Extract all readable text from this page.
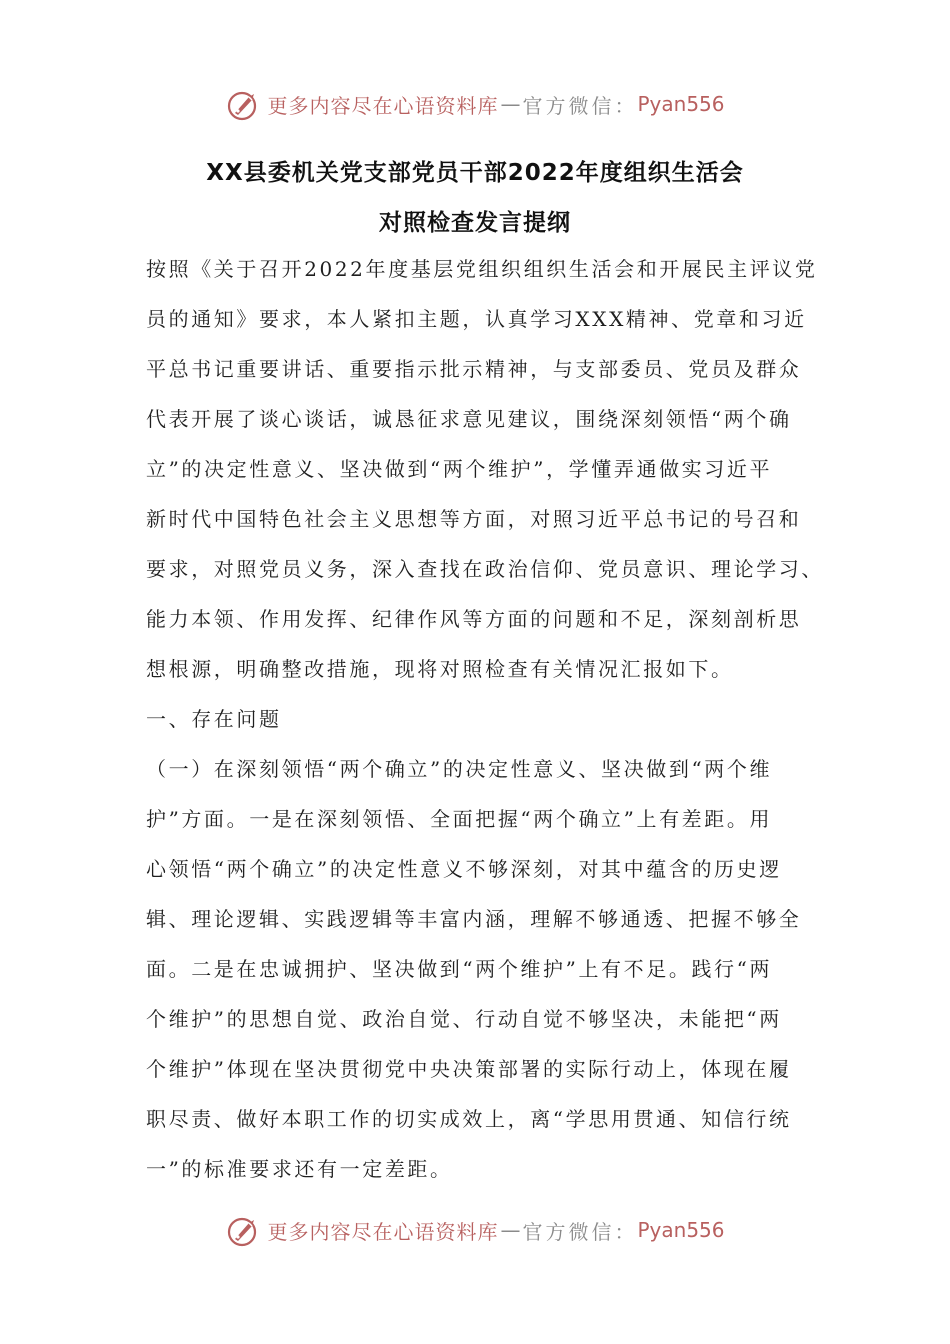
更多内容尽在心语资料库 — 官方微信： Pyan556
XX县委机关党支部党员干部2022年度组织生活会
对照检查发言提纲
按照《关于召开2022年度基层党组织组织生活会和开展民主评议党
员的通知》要求，本人紧扣主题，认真学习XXX精神、党章和习近
平总书记重要讲话、重要指示批示精神，与支部委员、党员及群众
代表开展了谈心谈话，诚恳征求意见建议，围绕深刻领悟“两个确
立”的决定性意义、坚决做到“两个维护”，学懂弄通做实习近平
新时代中国特色社会主义思想等方面，对照习近平总书记的号召和
要求，对照党员义务，深入查找在政治信仰、党员意识、理论学习、
能力本领、作用发挥、纪律作风等方面的问题和不足，深刻剖析思
想根源，明确整改措施，现将对照检查有关情况汇报如下。
一、存在问题
（一）在深刻领悟“两个确立”的决定性意义、坚决做到“两个维
护”方面。一是在深刻领悟、全面把握“两个确立”上有差距。用
心领悟“两个确立”的决定性意义不够深刻，对其中蕴含的历史逻
辑、理论逻辑、实践逻辑等丰富内涵，理解不够通透、把握不够全
面。二是在忠诚拥护、坚决做到“两个维护”上有不足。践行“两
个维护”的思想自觉、政治自觉、行动自觉不够坚决，未能把“两
个维护”体现在坚决贯彻党中央决策部署的实际行动上，体现在履
职尽责、做好本职工作的切实成效上，离“学思用贯通、知信行统
一”的标准要求还有一定差距。
更多内容尽在心语资料库 — 官方微信： Pyan556
